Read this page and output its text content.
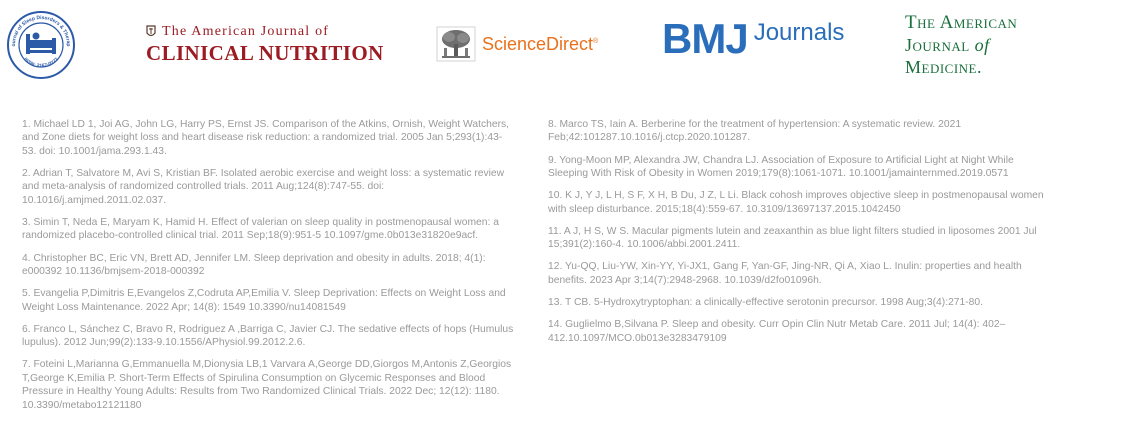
ournal of Sleep Disorders & Therap
ISSN: 2167-0277
The American Journal of
CLINICAL NUTRITION	ScienceDirect® BMJ Journals	The American
Journal of
Medicine.

1. Michael LD 1, Joi AG, John LG, Harry PS, Ernst JS. Comparison of the Atkins, Ornish, Weight Watchers, and Zone diets for weight loss and heart disease risk reduction: a randomized trial. 2005 Jan 5;293(1):43-53. doi: 10.1001/jama.293.1.43.

2. Adrian T, Salvatore M, Avi S, Kristian BF. Isolated aerobic exercise and weight loss: a systematic review and meta-analysis of randomized controlled trials. 2011 Aug;124(8):747-55. doi: 10.1016/j.amjmed.2011.02.037.

3. Simin T, Neda E, Maryam K, Hamid H. Effect of valerian on sleep quality in postmenopausal women: a randomized placebo-controlled clinical trial. 2011 Sep;18(9):951-5 10.1097/gme.0b013e31820e9acf.

4. Christopher BC, Eric VN, Brett AD, Jennifer LM. Sleep deprivation and obesity in adults. 2018; 4(1): e000392 10.1136/bmjsem-2018-000392

5. Evangelia P,Dimitris E,Evangelos Z,Codruta AP,Emilia V. Sleep Deprivation: Effects on Weight Loss and Weight Loss Maintenance. 2022 Apr; 14(8): 1549 10.3390/nu14081549

6. Franco L, Sánchez C, Bravo R, Rodriguez A ,Barriga C, Javier CJ. The sedative effects of hops (Humulus lupulus). 2012 Jun;99(2):133-9.10.1556/APhysiol.99.2012.2.6.

7. Foteini L,Marianna G,Emmanuella M,Dionysia LB,1 Varvara A,George DD,Giorgos M,Antonis Z,Georgios T,George K,Emilia P. Short-Term Effects of Spirulina Consumption on Glycemic Responses and Blood Pressure in Healthy Young Adults: Results from Two Randomized Clinical Trials. 2022 Dec; 12(12): 1180. 10.3390/metabo12121180

8. Marco TS, Iain A. Berberine for the treatment of hypertension: A systematic review. 2021 Feb;42:101287.10.1016/j.ctcp.2020.101287.

9. Yong-Moon MP, Alexandra JW, Chandra LJ. Association of Exposure to Artificial Light at Night While Sleeping With Risk of Obesity in Women 2019;179(8):1061-1071. 10.1001/jamainternmed.2019.0571

10. K J, Y J, L H, S F, X H, B Du, J Z, L Li. Black cohosh improves objective sleep in postmenopausal women with sleep disturbance. 2015;18(4):559-67. 10.3109/13697137.2015.1042450

11. A J, H S, W S. Macular pigments lutein and zeaxanthin as blue light filters studied in liposomes 2001 Jul 15;391(2):160-4. 10.1006/abbi.2001.2411.

12. Yu-QQ, Liu-YW, Xin-YY, Yi-JX1, Gang F, Yan-GF, Jing-NR, Qi A, Xiao L. Inulin: properties and health benefits. 2023 Apr 3;14(7):2948-2968. 10.1039/d2fo01096h.

13. T CB. 5-Hydroxytryptophan: a clinically-effective serotonin precursor. 1998 Aug;3(4):271-80.

14. Guglielmo B,Silvana P. Sleep and obesity. Curr Opin Clin Nutr Metab Care. 2011 Jul; 14(4): 402–412.10.1097/MCO.0b013e3283479109
